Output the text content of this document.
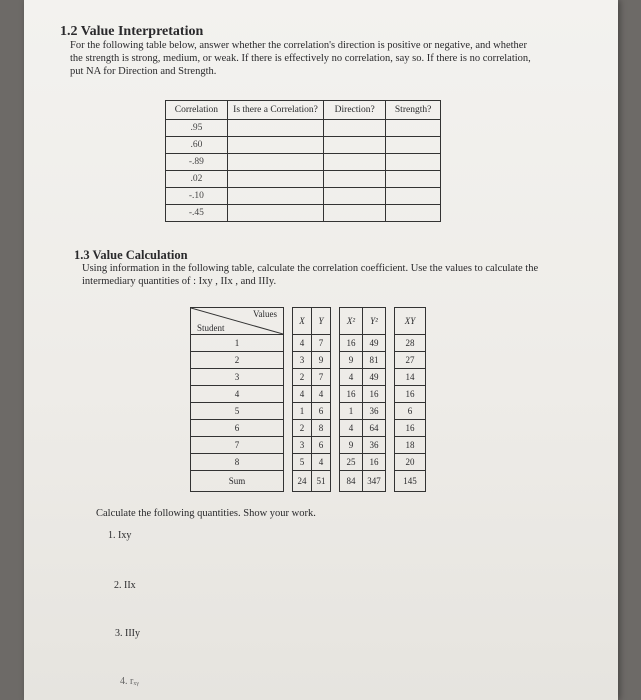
1.2 Value Interpretation
For the following table below, answer whether the correlation's direction is positive or negative, and whether
the strength is strong, medium, or weak. If there is effectively no correlation, say so. If there is no correlation,
put NA for Direction and Strength.
Correlation	Is there a Correlation?	Direction?	Strength?
.95			
.60			
-.89			
.02			
-.10			
-.45			
1.3 Value Calculation
Using information in the following table, calculate the correlation coefficient. Use the values to calculate the
intermediary quantities of : Ixy , IIx , and IIIy.
Values
Student		X	Y		X²	Y²		XY
1		4	7		16	49		28
2		3	9		9	81		27
3		2	7		4	49		14
4		4	4		16	16		16
5		1	6		1	36		6
6		2	8		4	64		16
7		3	6		9	36		18
8		5	4		25	16		20
Sum		24	51		84	347		145
Calculate the following quantities. Show your work.
1. Ixy
2. IIx
3. IIIy
4. rₓᵧ
